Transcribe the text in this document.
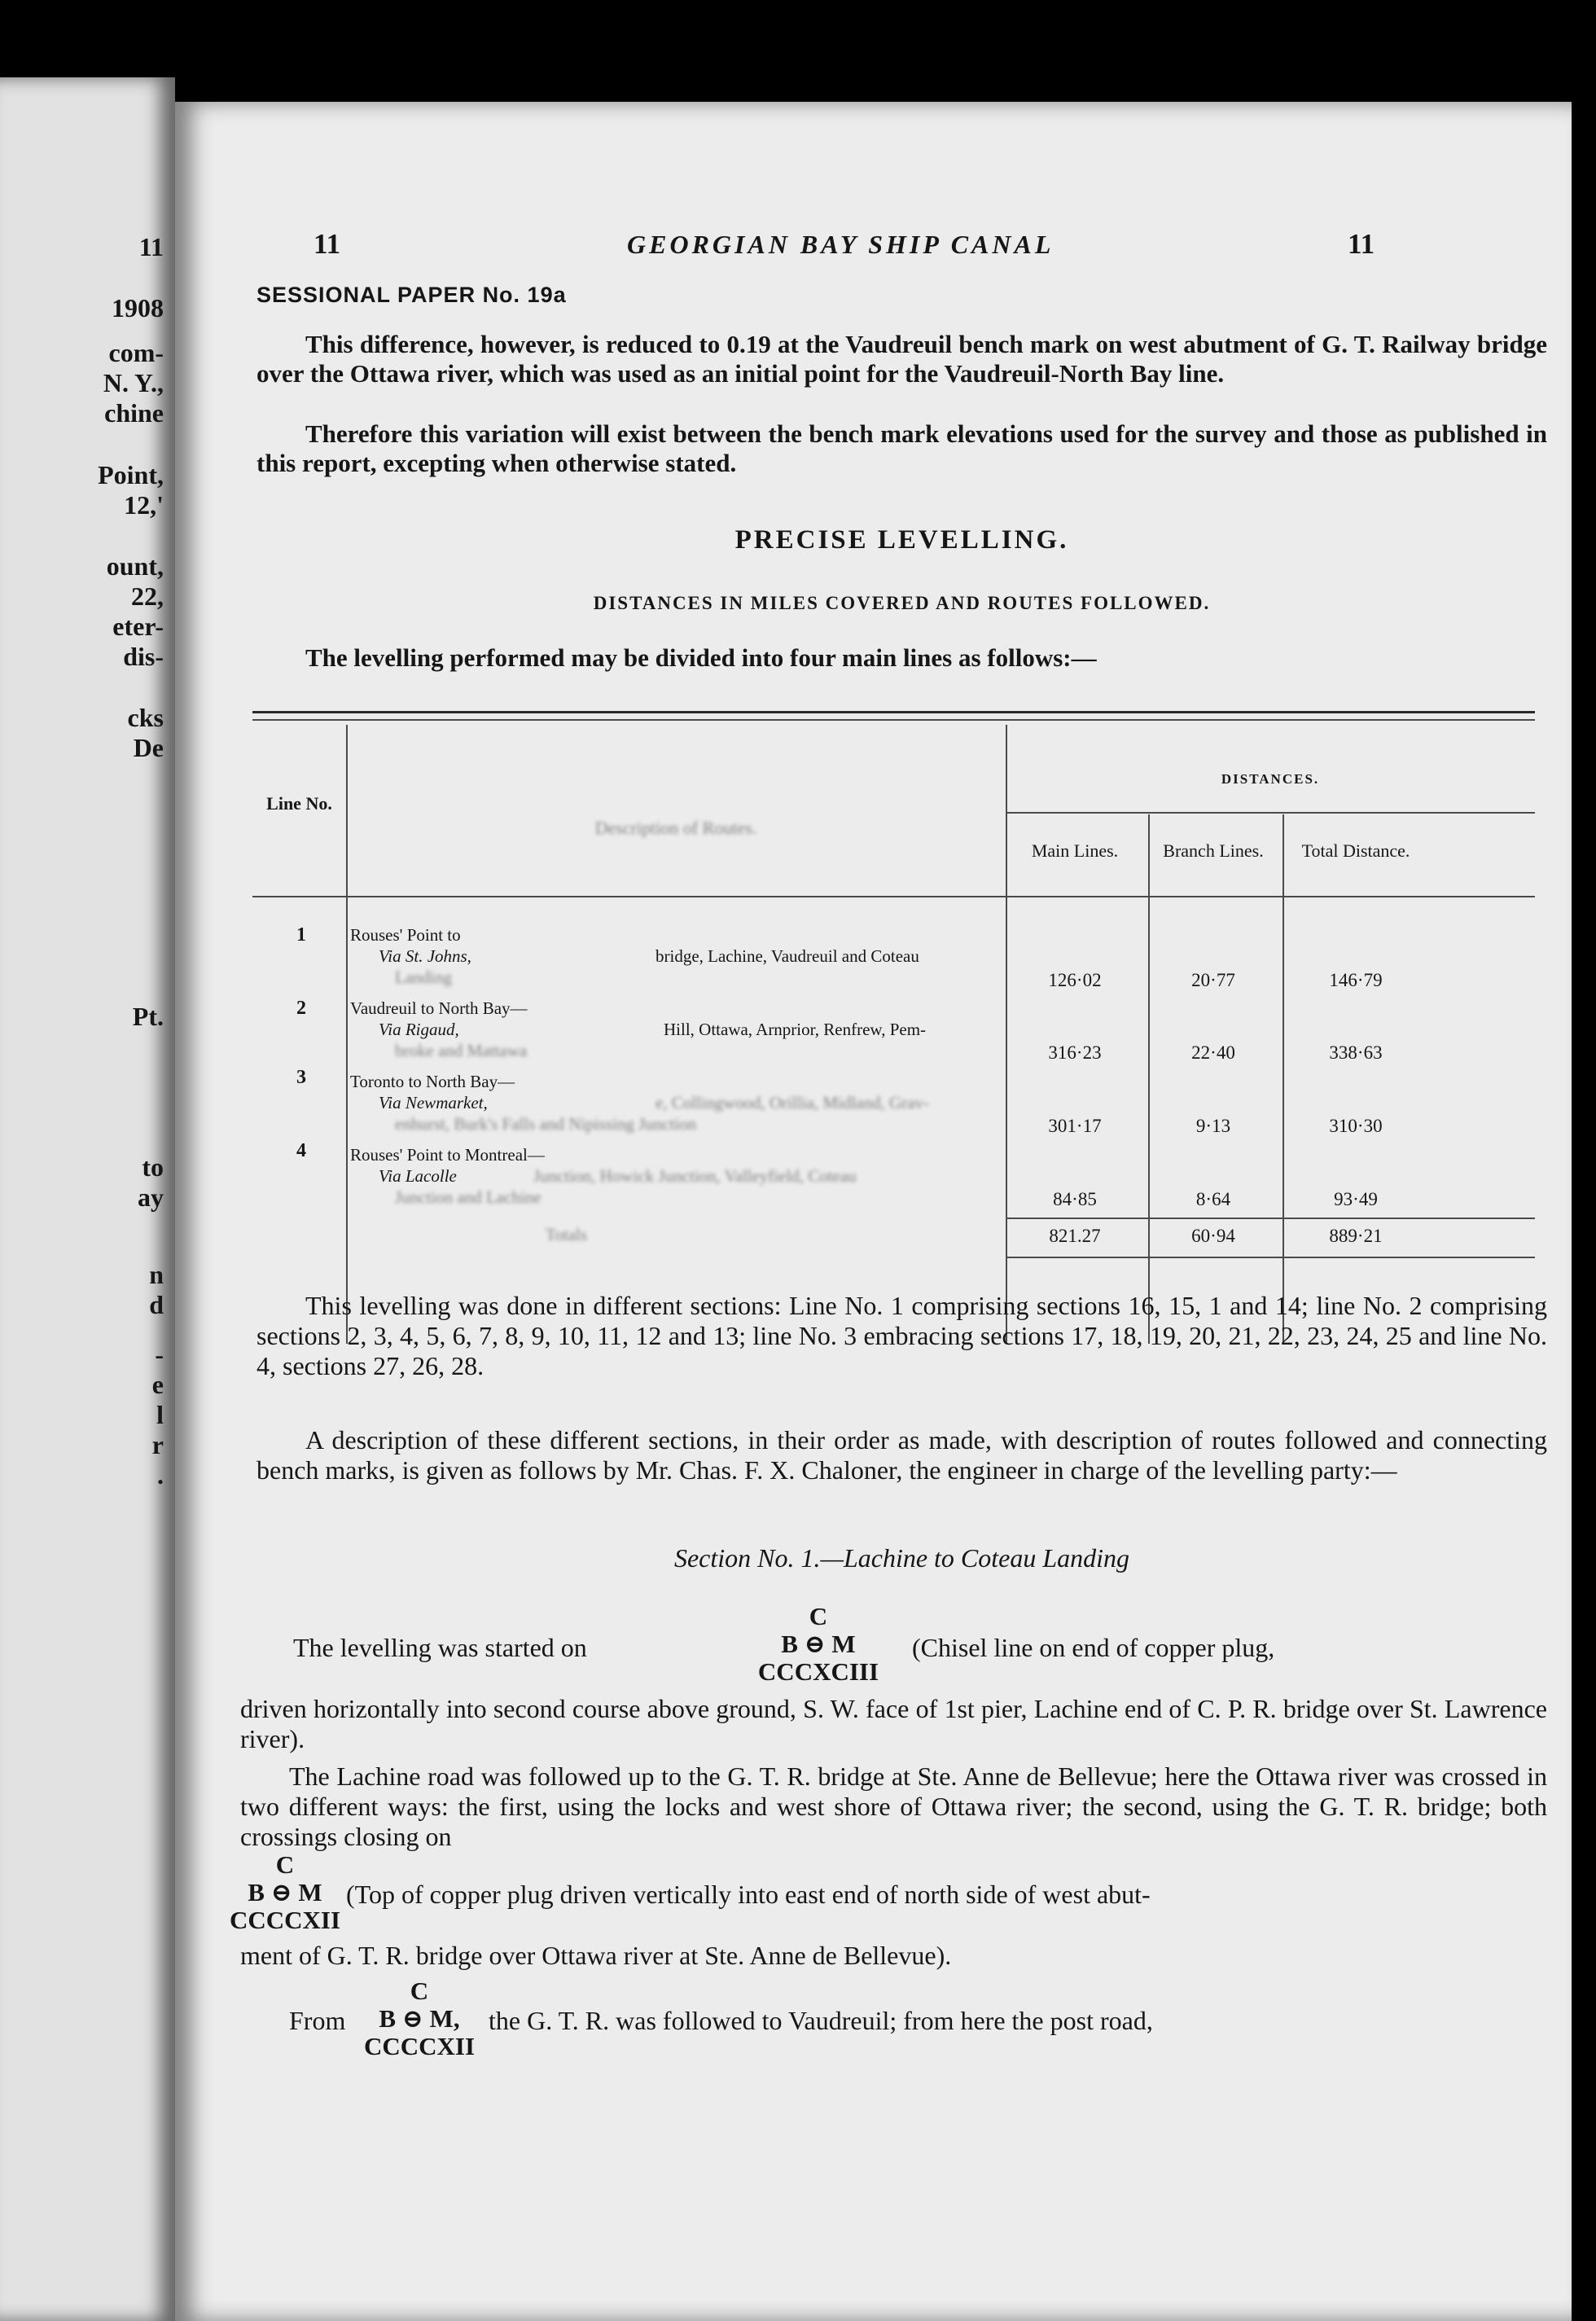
11
1908
com-
N. Y.,
chine
Point,
12,'
ount,
22,
eter-
dis-
cks
De
Pt.
to
ay
n
d
-
e
l
r
.
11	GEORGIAN BAY SHIP CANAL	11
SESSIONAL PAPER No. 19a
This difference, however, is reduced to 0.19 at the Vaudreuil bench mark on west abutment of G. T. Railway bridge over the Ottawa river, which was used as an initial point for the Vaudreuil-North Bay line.
Therefore this variation will exist between the bench mark elevations used for the survey and those as published in this report, excepting when otherwise stated.
PRECISE LEVELLING.
DISTANCES IN MILES COVERED AND ROUTES FOLLOWED.
The levelling performed may be divided into four main lines as follows:—
Line No.
Description of Routes.
DISTANCES.
Main Lines.	Branch Lines.	Total Distance.
1	Rouses' Point to
Via St. Johns,	bridge, Lachine, Vaudreuil and Coteau
Landing	126·02	20·77	146·79
2	Vaudreuil to North Bay—
Via Rigaud,	Hill, Ottawa, Arnprior, Renfrew, Pem-
broke and Mattawa	316·23	22·40	338·63
3	Toronto to North Bay—
Via Newmarket,	e, Collingwood, Orillia, Midland, Grav-
enhurst, Burk's Falls and Nipissing Junction	301·17	9·13	310·30
4	Rouses' Point to Montreal—
Via Lacolle	Junction, Howick Junction, Valleyfield, Coteau
Junction and Lachine	84·85	8·64	93·49
Totals	821.27	60·94	889·21
This levelling was done in different sections: Line No. 1 comprising sections 16, 15, 1 and 14; line No. 2 comprising sections 2, 3, 4, 5, 6, 7, 8, 9, 10, 11, 12 and 13; line No. 3 embracing sections 17, 18, 19, 20, 21, 22, 23, 24, 25 and line No. 4, sections 27, 26, 28.
A description of these different sections, in their order as made, with description of routes followed and connecting bench marks, is given as follows by Mr. Chas. F. X. Chaloner, the engineer in charge of the levelling party:—
Section No. 1.—Lachine to Coteau Landing
The levelling was started on
C
B ⊖ M
CCCXCIII
(Chisel line on end of copper plug,
driven horizontally into second course above ground, S. W. face of 1st pier, Lachine end of C. P. R. bridge over St. Lawrence river).
The Lachine road was followed up to the G. T. R. bridge at Ste. Anne de Bellevue; here the Ottawa river was crossed in two different ways: the first, using the locks and west shore of Ottawa river; the second, using the G. T. R. bridge; both crossings closing on
C
B ⊖ M
CCCCXII
(Top of copper plug driven vertically into east end of north side of west abut-
ment of G. T. R. bridge over Ottawa river at Ste. Anne de Bellevue).
From
C
B ⊖ M,
CCCCXII
the G. T. R. was followed to Vaudreuil; from here the post road,
